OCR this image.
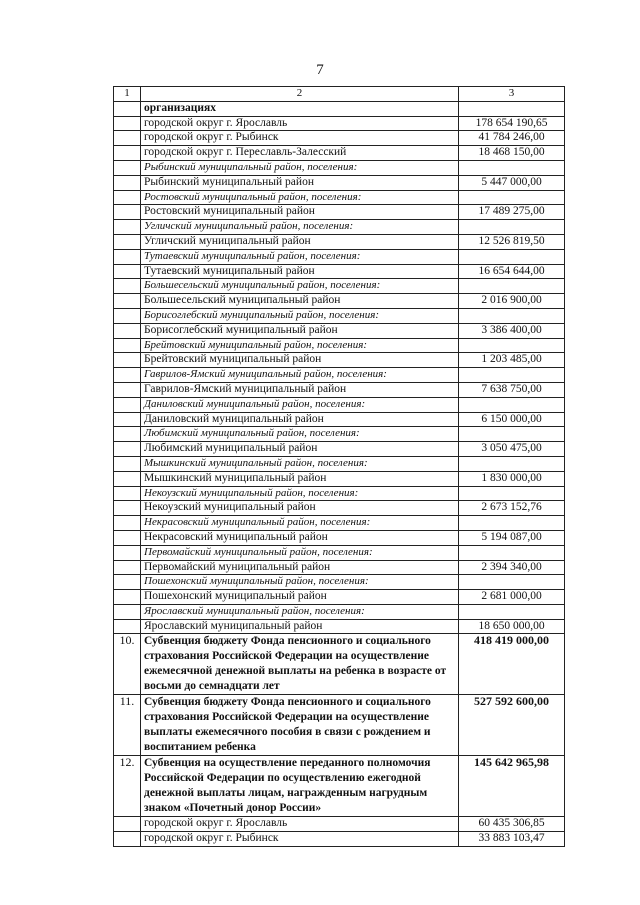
7
1	2	3
	организациях	
	городской округ г. Ярославль	178 654 190,65
	городской округ г. Рыбинск	41 784 246,00
	городской округ г. Переславль-Залесский	18 468 150,00
	Рыбинский муниципальный район, поселения:	
	Рыбинский муниципальный район	5 447 000,00
	Ростовский муниципальный район, поселения:	
	Ростовский муниципальный район	17 489 275,00
	Угличский муниципальный район, поселения:	
	Угличский муниципальный район	12 526 819,50
	Тутаевский муниципальный район, поселения:	
	Тутаевский муниципальный район	16 654 644,00
	Большесельский муниципальный район, поселения:	
	Большесельский муниципальный район	2 016 900,00
	Борисоглебский муниципальный район, поселения:	
	Борисоглебский муниципальный район	3 386 400,00
	Брейтовский муниципальный район, поселения:	
	Брейтовский муниципальный район	1 203 485,00
	Гаврилов-Ямский муниципальный район, поселения:	
	Гаврилов-Ямский муниципальный район	7 638 750,00
	Даниловский муниципальный район, поселения:	
	Даниловский муниципальный район	6 150 000,00
	Любимский муниципальный район, поселения:	
	Любимский муниципальный район	3 050 475,00
	Мышкинский муниципальный район, поселения:	
	Мышкинский муниципальный район	1 830 000,00
	Некоузский муниципальный район, поселения:	
	Некоузский муниципальный район	2 673 152,76
	Некрасовский муниципальный район, поселения:	
	Некрасовский муниципальный район	5 194 087,00
	Первомайский муниципальный район, поселения:	
	Первомайский муниципальный район	2 394 340,00
	Пошехонский муниципальный район, поселения:	
	Пошехонский муниципальный район	2 681 000,00
	Ярославский муниципальный район, поселения:	
	Ярославский муниципальный район	18 650 000,00
10.	Субвенция бюджету Фонда пенсионного и социального страхования Российской Федерации на осуществление ежемесячной денежной выплаты на ребенка в возрасте от восьми до семнадцати лет	418 419 000,00
11.	Субвенция бюджету Фонда пенсионного и социального страхования Российской Федерации на осуществление выплаты ежемесячного пособия в связи с рождением и воспитанием ребенка	527 592 600,00
12.	Субвенция на осуществление переданного полномочия Российской Федерации по осуществлению ежегодной денежной выплаты лицам, награжденным нагрудным знаком «Почетный донор России»	145 642 965,98
	городской округ г. Ярославль	60 435 306,85
	городской округ г. Рыбинск	33 883 103,47
